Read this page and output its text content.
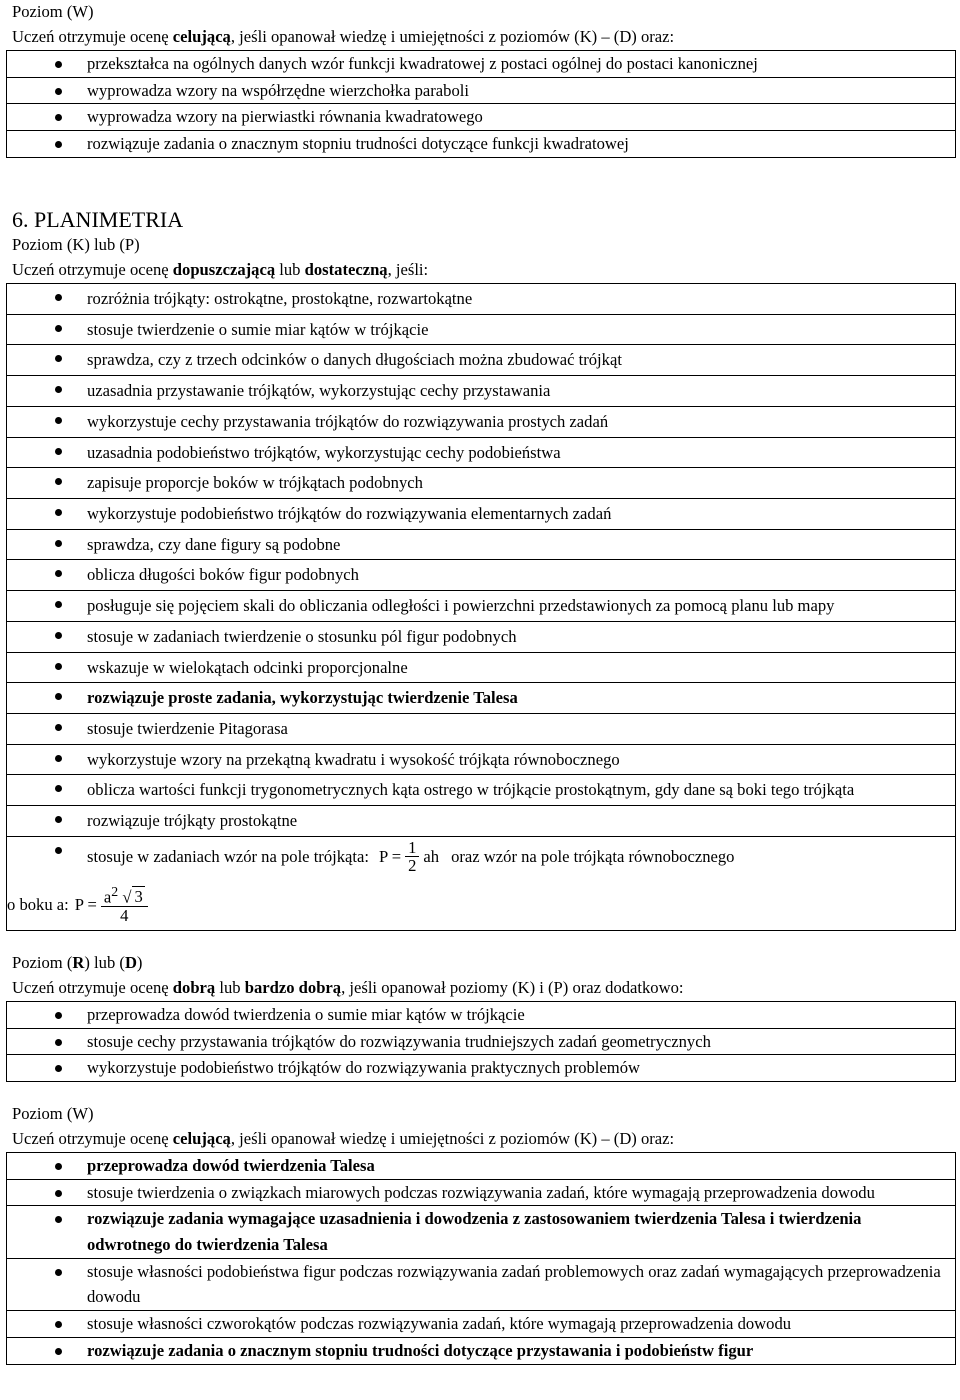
Poziom (W)
Uczeń otrzymuje ocenę celującą, jeśli opanował wiedzę i umiejętności z poziomów (K) – (D) oraz:
przekształca na ogólnych danych wzór funkcji kwadratowej z postaci ogólnej do postaci kanonicznej
wyprowadza wzory na współrzędne wierzchołka paraboli
wyprowadza wzory na pierwiastki równania kwadratowego
rozwiązuje zadania o znacznym stopniu trudności dotyczące funkcji kwadratowej
6. PLANIMETRIA
Poziom (K) lub (P)
Uczeń otrzymuje ocenę dopuszczającą lub dostateczną, jeśli:
rozróżnia trójkąty: ostrokątne, prostokątne, rozwartokątne
stosuje twierdzenie o sumie miar kątów w trójkącie
sprawdza, czy z trzech odcinków o danych długościach można zbudować trójkąt
uzasadnia przystawanie trójkątów, wykorzystując cechy przystawania
wykorzystuje cechy przystawania trójkątów do rozwiązywania prostych zadań
uzasadnia podobieństwo trójkątów, wykorzystując cechy podobieństwa
zapisuje proporcje boków w trójkątach podobnych
wykorzystuje podobieństwo trójkątów do rozwiązywania elementarnych zadań
sprawdza, czy dane figury są podobne
oblicza długości boków figur podobnych
posługuje się pojęciem skali do obliczania odległości i powierzchni przedstawionych za pomocą planu lub mapy
stosuje w zadaniach twierdzenie o stosunku pól figur podobnych
wskazuje w wielokątach odcinki proporcjonalne
rozwiązuje proste zadania, wykorzystując twierdzenie Talesa
stosuje twierdzenie Pitagorasa
wykorzystuje wzory na przekątną kwadratu i wysokość trójkąta równobocznego
oblicza wartości funkcji trygonometrycznych kąta ostrego w trójkącie prostokątnym, gdy dane są boki tego trójkąta
rozwiązuje trójkąty prostokątne
stosuje w zadaniach wzór na pole trójkąta: $P = \frac{1}{2}$ ah oraz wzór na pole trójkąta równobocznego
o boku a: $P = \frac{a^2 √ 3}{4}$
Poziom (R) lub (D)
Uczeń otrzymuje ocenę dobrą lub bardzo dobrą, jeśli opanował poziomy (K) i (P) oraz dodatkowo:
przeprowadza dowód twierdzenia o sumie miar kątów w trójkącie
stosuje cechy przystawania trójkątów do rozwiązywania trudniejszych zadań geometrycznych
wykorzystuje podobieństwo trójkątów do rozwiązywania praktycznych problemów
Poziom (W)
Uczeń otrzymuje ocenę celującą, jeśli opanował wiedzę i umiejętności z poziomów (K) – (D) oraz:
przeprowadza dowód twierdzenia Talesa
stosuje twierdzenia o związkach miarowych podczas rozwiązywania zadań, które wymagają przeprowadzenia dowodu
rozwiązuje zadania wymagające uzasadnienia i dowodzenia z zastosowaniem twierdzenia Talesa i twierdzenia odwrotnego do twierdzenia Talesa
stosuje własności podobieństwa figur podczas rozwiązywania zadań problemowych oraz zadań wymagających przeprowadzenia dowodu
stosuje własności czworokątów podczas rozwiązywania zadań, które wymagają przeprowadzenia dowodu
rozwiązuje zadania o znacznym stopniu trudności dotyczące przystawania i podobieństw figur
